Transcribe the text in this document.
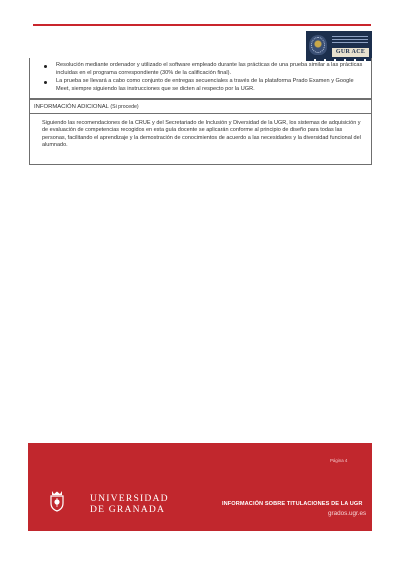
GUR ACE
Resolución mediante ordenador y utilizado el software empleado durante las prácticas de una prueba similar a las prácticas incluidas en el programa correspondiente (30% de la calificación final).
La prueba se llevará a cabo como conjunto de entregas secuenciales a través de la plataforma Prado Examen y Google Meet, siempre siguiendo las instrucciones que se dicten al respecto por la UGR.
INFORMACIÓN ADICIONAL (Si procede)

Siguiendo las recomendaciones de la CRUE y del Secretariado de Inclusión y Diversidad de la UGR, los sistemas de adquisición y de evaluación de competencias recogidos en esta guía docente se aplicarán conforme al principio de diseño para todas las personas, facilitando el aprendizaje y la demostración de conocimientos de acuerdo a las necesidades y la diversidad funcional del alumnado.

UNIVERSIDAD
DE GRANADA
Página 4
INFORMACIÓN SOBRE TITULACIONES DE LA UGR
grados.ugr.es
